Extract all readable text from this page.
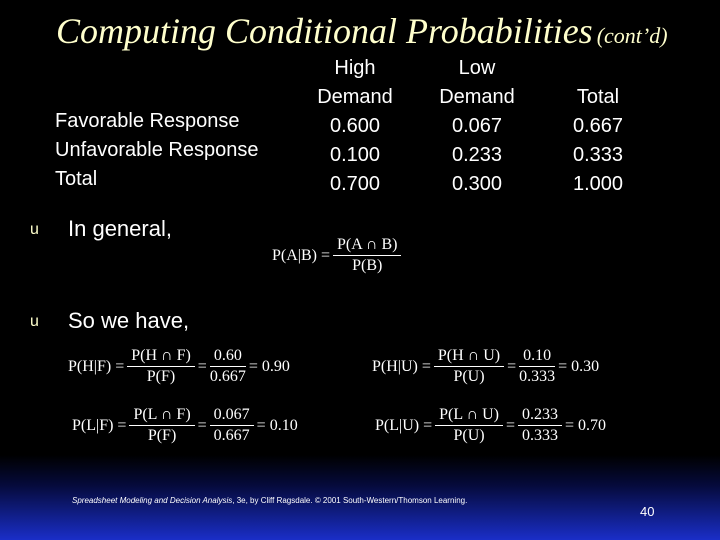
Computing Conditional Probabilities (cont’d)
Favorable Response
Unfavorable Response
Total
High
Demand
0.600
0.100
0.700
Low
Demand
0.067
0.233
0.300
Total
0.667
0.333
1.000
u In general,
u So we have,
$P(A|B) = \frac{P(A \cap B)}{P(B)}$
$P(H|F) = \frac{P(H \cap F)}{P(F)} = \frac{0.60}{0.667} = 0.90$	$P(H|U) = \frac{P(H \cap U)}{P(U)} = \frac{0.10}{0.333} = 0.30$
$P(L|F) = \frac{P(L \cap F)}{P(F)} = \frac{0.067}{0.667} = 0.10$	$P(L|U) = \frac{P(L \cap U)}{P(U)} = \frac{0.233}{0.333} = 0.70$
Spreadsheet Modeling and Decision Analysis, 3e, by Cliff Ragsdale. © 2001 South-Western/Thomson Learning.
40
